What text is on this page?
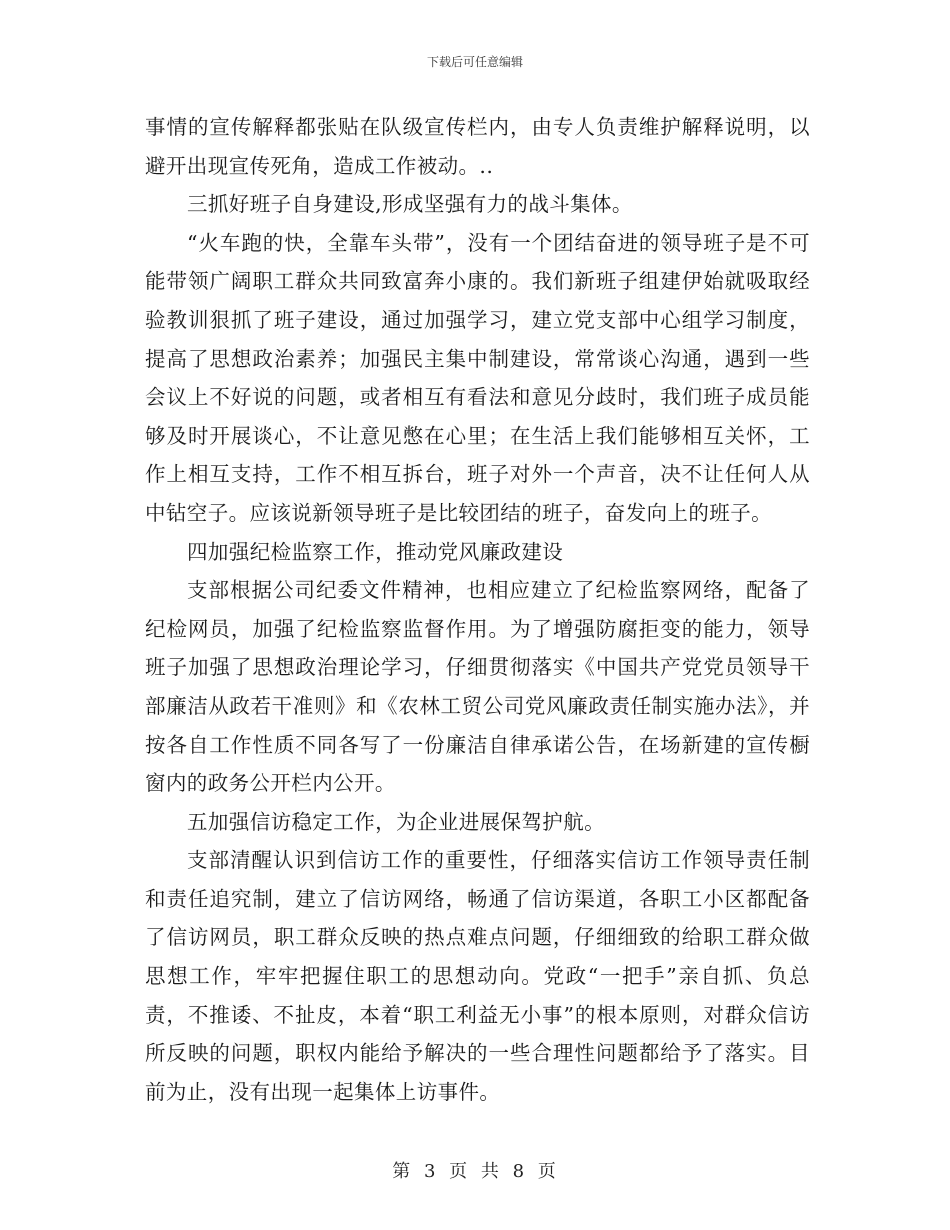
下载后可任意编辑

事情的宣传解释都张贴在队级宣传栏内，由专人负责维护解释说明，以避开出现宣传死角，造成工作被动。..

三抓好班子自身建设,形成坚强有力的战斗集体。

“火车跑的快，全靠车头带”，没有一个团结奋进的领导班子是不可能带领广阔职工群众共同致富奔小康的。我们新班子组建伊始就吸取经验教训狠抓了班子建设，通过加强学习，建立党支部中心组学习制度，提高了思想政治素养；加强民主集中制建设，常常谈心沟通，遇到一些会议上不好说的问题，或者相互有看法和意见分歧时，我们班子成员能够及时开展谈心，不让意见憋在心里；在生活上我们能够相互关怀，工作上相互支持，工作不相互拆台，班子对外一个声音，决不让任何人从中钻空子。应该说新领导班子是比较团结的班子，奋发向上的班子。

四加强纪检监察工作，推动党风廉政建设

支部根据公司纪委文件精神，也相应建立了纪检监察网络，配备了纪检网员，加强了纪检监察监督作用。为了增强防腐拒变的能力，领导班子加强了思想政治理论学习，仔细贯彻落实《中国共产党党员领导干部廉洁从政若干准则》和《农林工贸公司党风廉政责任制实施办法》，并按各自工作性质不同各写了一份廉洁自律承诺公告，在场新建的宣传橱窗内的政务公开栏内公开。

五加强信访稳定工作，为企业进展保驾护航。

支部清醒认识到信访工作的重要性，仔细落实信访工作领导责任制和责任追究制，建立了信访网络，畅通了信访渠道，各职工小区都配备了信访网员，职工群众反映的热点难点问题，仔细细致的给职工群众做思想工作，牢牢把握住职工的思想动向。党政“一把手”亲自抓、负总责，不推诿、不扯皮，本着“职工利益无小事”的根本原则，对群众信访所反映的问题，职权内能给予解决的一些合理性问题都给予了落实。目前为止，没有出现一起集体上访事件。

第 3 页 共 8 页
